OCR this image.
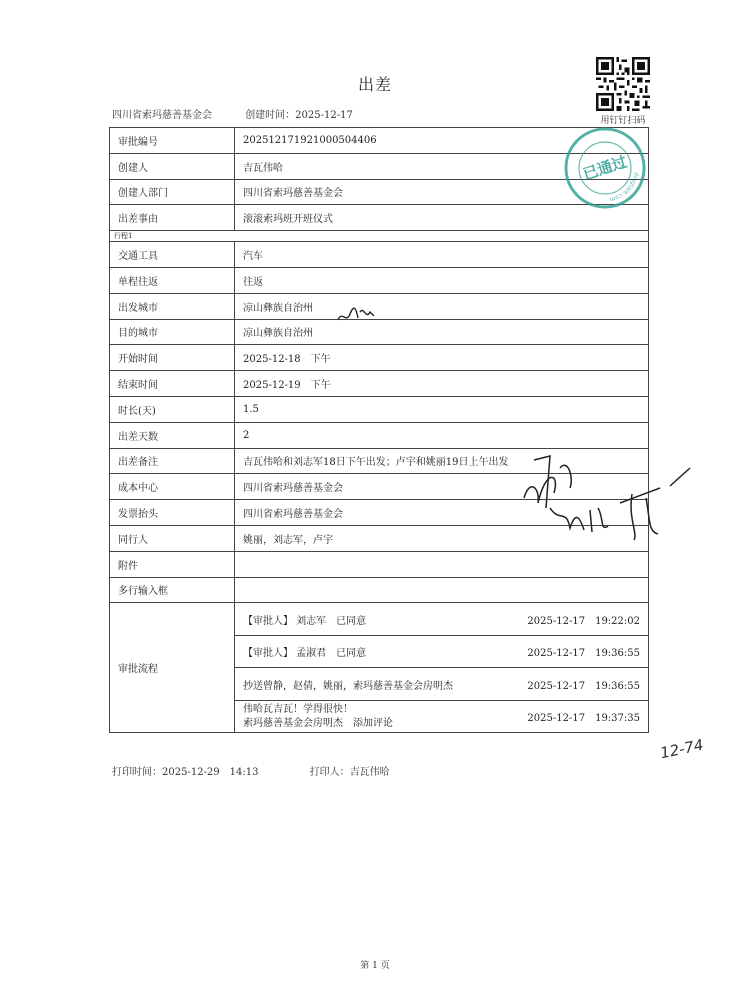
出差
四川省索玛慈善基金会	创建时间：2025-12-17	用钉钉扫码
审批编号	202512171921000504406
创建人	吉瓦伟哈
创建人部门	四川省索玛慈善基金会
出差事由	滚滚索玛班开班仪式
行程1
交通工具	汽车
单程往返	往返
出发城市	凉山彝族自治州
目的城市	凉山彝族自治州
开始时间	2025-12-18　下午
结束时间	2025-12-19　下午
时长(天)	1.5
出差天数	2
出差备注	吉瓦伟哈和刘志军18日下午出发；卢宇和姚丽19日上午出发
成本中心	四川省索玛慈善基金会
发票抬头	四川省索玛慈善基金会
同行人	姚丽，刘志军，卢宇
附件	
多行输入框	
审批流程	
【审批人】 刘志军　已同意	2025-12-17　19:22:02
【审批人】 孟淑君　已同意	2025-12-17　19:36:55
抄送曾静，赵倩，姚丽，索玛慈善基金会房明杰	2025-12-17　19:36:55

伟哈瓦吉瓦！学得很快！
索玛慈善基金会房明杰　添加评论	2025-12-17　19:37:35
dingtalk.com
已通过
12-74
打印时间：2025-12-29　14:13	打印人：吉瓦伟哈
第 1 页
